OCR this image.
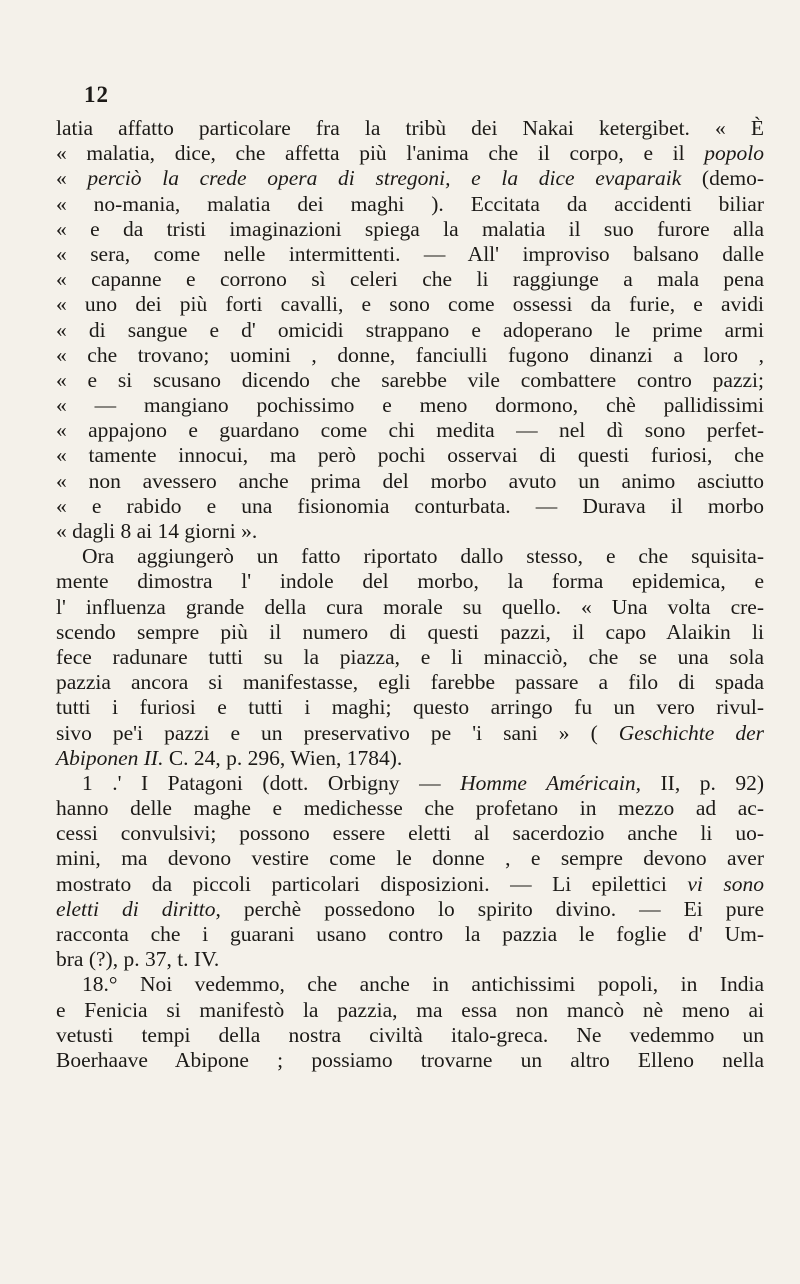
12
latia affatto particolare fra la tribù dei Nakai ketergibet. « È
« malatia, dice, che affetta più l'anima che il corpo, e il popolo
« perciò la crede opera di stregoni, e la dice evaparaik (demo-
« no-mania, malatia dei maghi ). Eccitata da accidenti biliar
« e da tristi imaginazioni spiega la malatia il suo furore alla
« sera, come nelle intermittenti. — All' improviso balsano dalle
« capanne e corrono sì celeri che li raggiunge a mala pena
« uno dei più forti cavalli, e sono come ossessi da furie, e avidi
« di sangue e d' omicidi strappano e adoperano le prime armi
« che trovano; uomini , donne, fanciulli fugono dinanzi a loro ,
« e si scusano dicendo che sarebbe vile combattere contro pazzi;
« — mangiano pochissimo e meno dormono, chè pallidissimi
« appajono e guardano come chi medita — nel dì sono perfet-
« tamente innocui, ma però pochi osservai di questi furiosi, che
« non avessero anche prima del morbo avuto un animo asciutto
« e rabido e una fisionomia conturbata. — Durava il morbo
« dagli 8 ai 14 giorni ».
Ora aggiungerò un fatto riportato dallo stesso, e che squisita-
mente dimostra l' indole del morbo, la forma epidemica, e
l' influenza grande della cura morale su quello. « Una volta cre-
scendo sempre più il numero di questi pazzi, il capo Alaikin li
fece radunare tutti su la piazza, e li minacciò, che se una sola
pazzia ancora si manifestasse, egli farebbe passare a filo di spada
tutti i furiosi e tutti i maghi; questo arringo fu un vero rivul-
sivo pe'i pazzi e un preservativo pe 'i sani » ( Geschichte der
Abiponen II. C. 24, p. 296, Wien, 1784).
1 .' I Patagoni (dott. Orbigny — Homme Américain, II, p. 92)
hanno delle maghe e medichesse che profetano in mezzo ad ac-
cessi convulsivi; possono essere eletti al sacerdozio anche li uo-
mini, ma devono vestire come le donne , e sempre devono aver
mostrato da piccoli particolari disposizioni. — Li epilettici vi sono
eletti di diritto, perchè possedono lo spirito divino. — Ei pure
racconta che i guarani usano contro la pazzia le foglie d' Um-
bra (?), p. 37, t. IV.
18.° Noi vedemmo, che anche in antichissimi popoli, in India
e Fenicia si manifestò la pazzia, ma essa non mancò nè meno ai
vetusti tempi della nostra civiltà italo-greca. Ne vedemmo un
Boerhaave Abipone ; possiamo trovarne un altro Elleno nella
